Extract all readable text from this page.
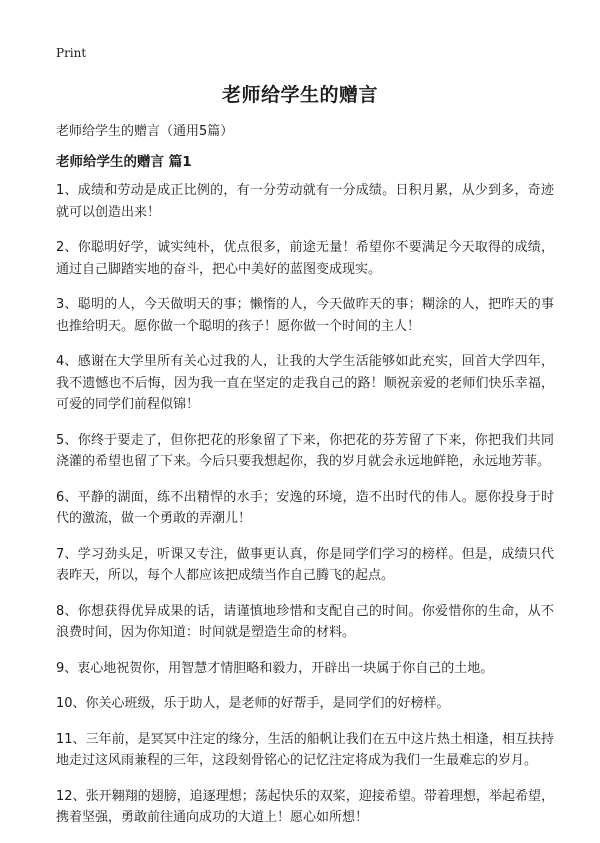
Print
老师给学生的赠言
老师给学生的赠言（通用5篇）
老师给学生的赠言 篇1

1、成绩和劳动是成正比例的，有一分劳动就有一分成绩。日积月累，从少到多，奇迹就可以创造出来！

2、你聪明好学，诚实纯朴，优点很多，前途无量！希望你不要满足今天取得的成绩，通过自己脚踏实地的奋斗，把心中美好的蓝图变成现实。

3、聪明的人，今天做明天的事；懒惰的人，今天做昨天的事；糊涂的人，把昨天的事也推给明天。愿你做一个聪明的孩子！愿你做一个时间的主人！

4、感谢在大学里所有关心过我的人，让我的大学生活能够如此充实，回首大学四年，我不遗憾也不后悔，因为我一直在坚定的走我自己的路！顺祝亲爱的老师们快乐幸福，可爱的同学们前程似锦！

5、你终于要走了，但你把花的形象留了下来，你把花的芬芳留了下来，你把我们共同浇灌的希望也留了下来。今后只要我想起你，我的岁月就会永远地鲜艳，永远地芳菲。

6、平静的湖面，练不出精悍的水手；安逸的环境，造不出时代的伟人。愿你投身于时代的激流，做一个勇敢的弄潮儿！

7、学习劲头足，听课又专注，做事更认真，你是同学们学习的榜样。但是，成绩只代表昨天，所以，每个人都应该把成绩当作自己腾飞的起点。

8、你想获得优异成果的话，请谨慎地珍惜和支配自己的时间。你爱惜你的生命，从不浪费时间，因为你知道：时间就是塑造生命的材料。

9、衷心地祝贺你，用智慧才情胆略和毅力，开辟出一块属于你自己的土地。

10、你关心班级，乐于助人，是老师的好帮手，是同学们的好榜样。

11、三年前，是冥冥中注定的缘分，生活的船帆让我们在五中这片热土相逢，相互扶持地走过这风雨兼程的三年，这段刻骨铭心的记忆注定将成为我们一生最难忘的岁月。

12、张开翱翔的翅膀，追逐理想；荡起快乐的双桨，迎接希望。带着理想，举起希望，携着坚强，勇敢前往通向成功的大道上！愿心如所想！
